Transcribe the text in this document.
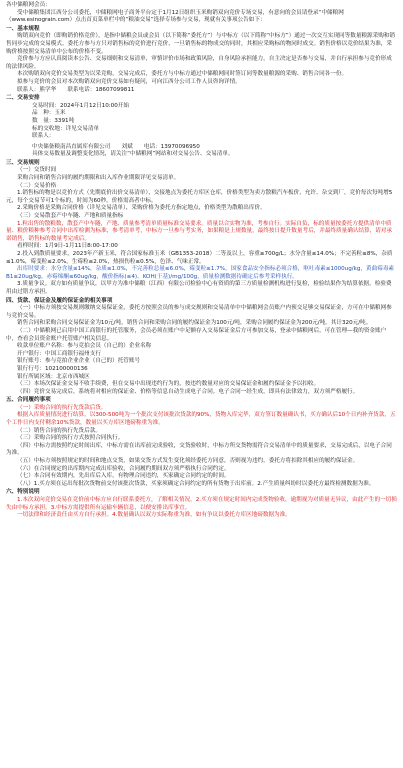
各中储粮网会员：

受中储粮集团江西分公司委托，中储粮网电子商务平台定于1月12日组织玉米购销双向竞价专场交易，有意向的会员请登录“中储粮网（www.esinograin.com）点击首页菜单栏中的“粮油交易”选择专场参与交易，现就有关事项公告如下：

一、基本规程

购销双向竞价（即购销价格竞价），是指中储粮会员或会员（以下简称“委托方”）与中标方（以下简称“中标方”）通过一次交互实现同等数量粮源采购和销售同步完成的交易模式。委托方参与方只对销售标的竞价进行竞价，一旦销售标的物成交的同时，其相应采购标的物同时成交。销售价格以竞价结果为准，采购价格按照交易清单中公布的价格不变。

竞价参与方应认真阅读本公告、交易细则和交易清单，审慎评价市场和政策风险，自身风险承担能力，自主决定是否参与交易，并自行承担参与竞价形成的法律风险。

本次购销双向竞价交易类型为以采竞购，交易完成后，委托方与中标方通过中储粮网同时签订同等数量粮源的采购、销售合同各一份。

拟参与竞价的会员对本次购销双向竞价交易如有疑问，可向江西分公司工作人员咨询详情。

联系人：熊学华　　联系电话：18607099811

二、交易安排

交易时间：2024年1月12日10:00开始

品　种：玉米

数　量：3391吨

标的交收地：详见交易清单

联系人：

中央储备粮南昌直属库有限公司　　刘斌　　电话：13970096950

具体交易数量及调整变化情况，请关注“中储粮网”网站和对交易公告、交易清单。

三、交易规则

（一）交货时间

采购合同和销售合同的履约期限和出入库作业期限详见交易清单。

（二）交易价格

1.销售标的物是以竞价方式（先期底价出价交易清单），交接地点为委托方库区仓库，价格类型为卖方散粮汽车板价，允许、杂交到厂，竞价每次每吨增5元，每个交易节可1个标的，时间为60秒，价格需高者中标。

2.采购价格是采购合同价格（详见交易清单），采购价格为委托方指定地点，价格类型为散粮出库价。

（三）交易散套产中车隧、产地和质量指标

1.粒出售的散粮数，散套产中车隧，产地、质量参考清单质量标准交易要求。质量以合实物为准，考参自行。实际自负，标的质量按委托方提供清单中质量、粮价粮种参考合同中出库检测为标准，参考清单考，中标方一旦参与考实务，如果粮是上规数量，最终按日提升数量考后，并最终质量确认结算，请对承诺销售，销售标的数量考完成后。

看样时间：1月9日-1月11日8:00-17:00

2.投入到散质量要求，2023年产新玉米，符合国家标准玉米（GB1353-2018）二等及以上，容重≥700g/L；水分含量≤14.0%；不完善粒≤8%，杂质≤1.0%，霉变粒≤2.0%，生霉粒≤2.0%，热损伤粒≤0.5%，色泽、气味正常。

出库时要求：水分含量≤14%，杂质≤1.0%，不完善粒总量≤6.0%，霉变粒≤1.7%，国家食品安全指标必须合格，呕吐毒素≤1000ug/kg，黄曲霉毒素B1≤20ug/kg，赤霉烯酮≤60ug/kg，酸价指标(≤4)、KOH(干基)/mg/100g，质量检测数据待确定后参考采样执行。

3.质量争议。双方如有质量争议，以甲方为准中储粮（江西）有限公司检验中心有资质的第三方质量检测机构进行复检，检验结果作为结算依据，检验费用由过错方承担。

四、货款、保证金及履约保证金的相关事项

（一）中标方须按交易规则缴纳交易保证金，委托方按照会员的参与成交规则和交易清单中中储粮网会员账户内预交足够交易保证金，方可在中储粮网参与竞价交易。

销售合同和采购合同交易保证金为10元/吨，销售合同和采购合同的履约保证金为100元/吨，采购合同履约保证金为200元/吨。其计320元/吨。

（二）中储粮网已启用中国工商银行的托管服务，会员必须在账户中足额存入交易保证金后方可参加交易，登录中储粮网后，可在管理—我的资金账户中，查看会员资金账户托管账户相关信息。

收款单位账户名称：参与竞拍会员（自己的）企业名称

开户银行：中国工商银行福州支行

银行账号：参与竞拍企业企业（自己的）托管账号

银行行号：102100000136

银行所属区域：北京市西城区

（三）本场次保证金交易不收手续费，但在交易中出现违约行为的，按违约数量对应的交易保证金和履约保证金予以扣收。

（四）竞价交易完成后，系统将对相应的保证金、价格等信息自动生成电子合同。电子合同一经生成，即具有法律效力，双方须严格履行。

五、合同履约事项

（一）采购合同的执行先货款后货。

根据入库质量情况进行结算，以300-500吨为一个批次支付该批次货款的90%，货物入库完毕，双方签订数量确认书，买方确认后10个日内补齐货款，五个工作日内支付剩余10%货款，数量以买方库区地磅称重为准。

（二）销售合同的执行先货后款。

（三）采购合同的执行方式按照合同执行。

（四）中标方需按照约定时间出库，中标方需在出库前完成验收，交货验收时，中标方所交货物需符合交易清单中的质量要求，交易完成后，以电子合同为准。

（五）中标方须按照规定的时间和地点交货，如果交货方式发生变化须经委托方同意，否则视为违约，委托方将扣除其相应的履约保证金。

（六）在合同规定的出库期内完成出库验收，合同履约期间双方须严格执行合同约定。

（七）本合同有效期内，先出库后入库，有物理合同违约，买家确定合同约定的时间。

（八）1.买方须在运出每批次货物前交付该批次货款，买家须确定合同约定的所有货物于出库前。2.产生质量纠纷时以委托方最终检测数据为准。

六、特别说明

1.本次双向竞价交易在竞价前中标方应自行联系委托方，了解相关情况。2.买方须在规定时间内完成货物验收，逾期视为对质量无异议，由此产生的一切损失由中标方承担。3.中标方需提供所有运输车辆信息，以便安排出库事宜。

一切法律和经济责任由买方自行承担。4.数量确认以双方实际称重为准，如有争议以委托方库区地磅数据为准。
